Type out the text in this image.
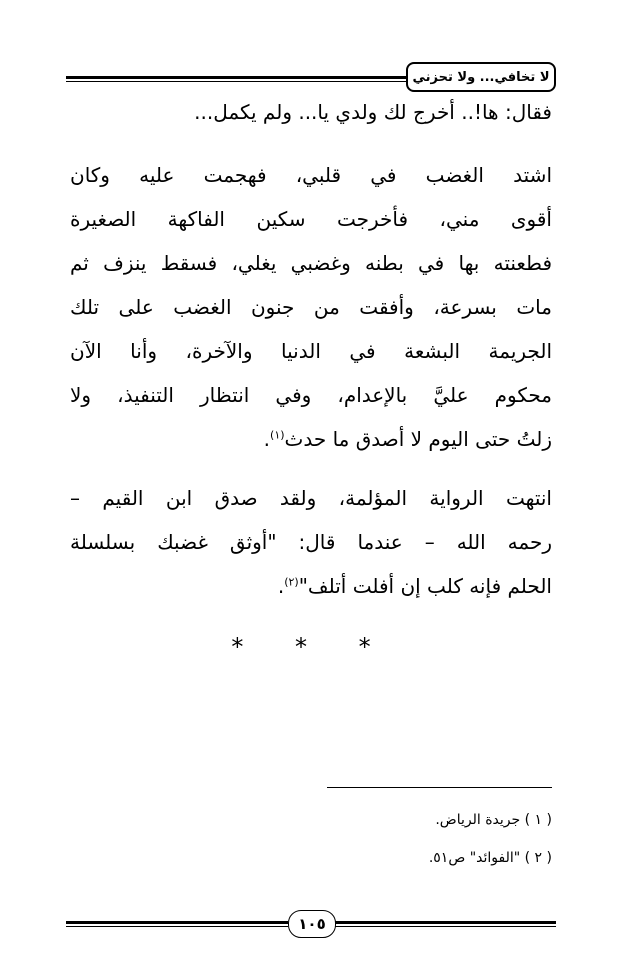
لا تخافي... ولا تحزني
فقال: ها!.. أخرج لك ولدي يا... ولم يكمل...
اشتد الغضب في قلبي، فهجمت عليه وكان
أقوى مني، فأخرجت سكين الفاكهة الصغيرة
فطعنته بها في بطنه وغضبي يغلي، فسقط ينزف ثم
مات بسرعة، وأفقت من جنون الغضب على تلك
الجريمة البشعة في الدنيا والآخرة، وأنا الآن
محكوم عليَّ بالإعدام، وفي انتظار التنفيذ، ولا
زلتُ حتى اليوم لا أصدق ما حدث$^{(١)}$.
انتهت الرواية المؤلمة، ولقد صدق ابن القيم –
رحمه الله – عندما قال: "أوثق غضبك بسلسلة
الحلم فإنه كلب إن أفلت أتلف"$^{(٢)}$.
* * *
( ١ ) جريدة الرياض.
( ٢ ) "الفوائد" ص٥١.
١٠٥
